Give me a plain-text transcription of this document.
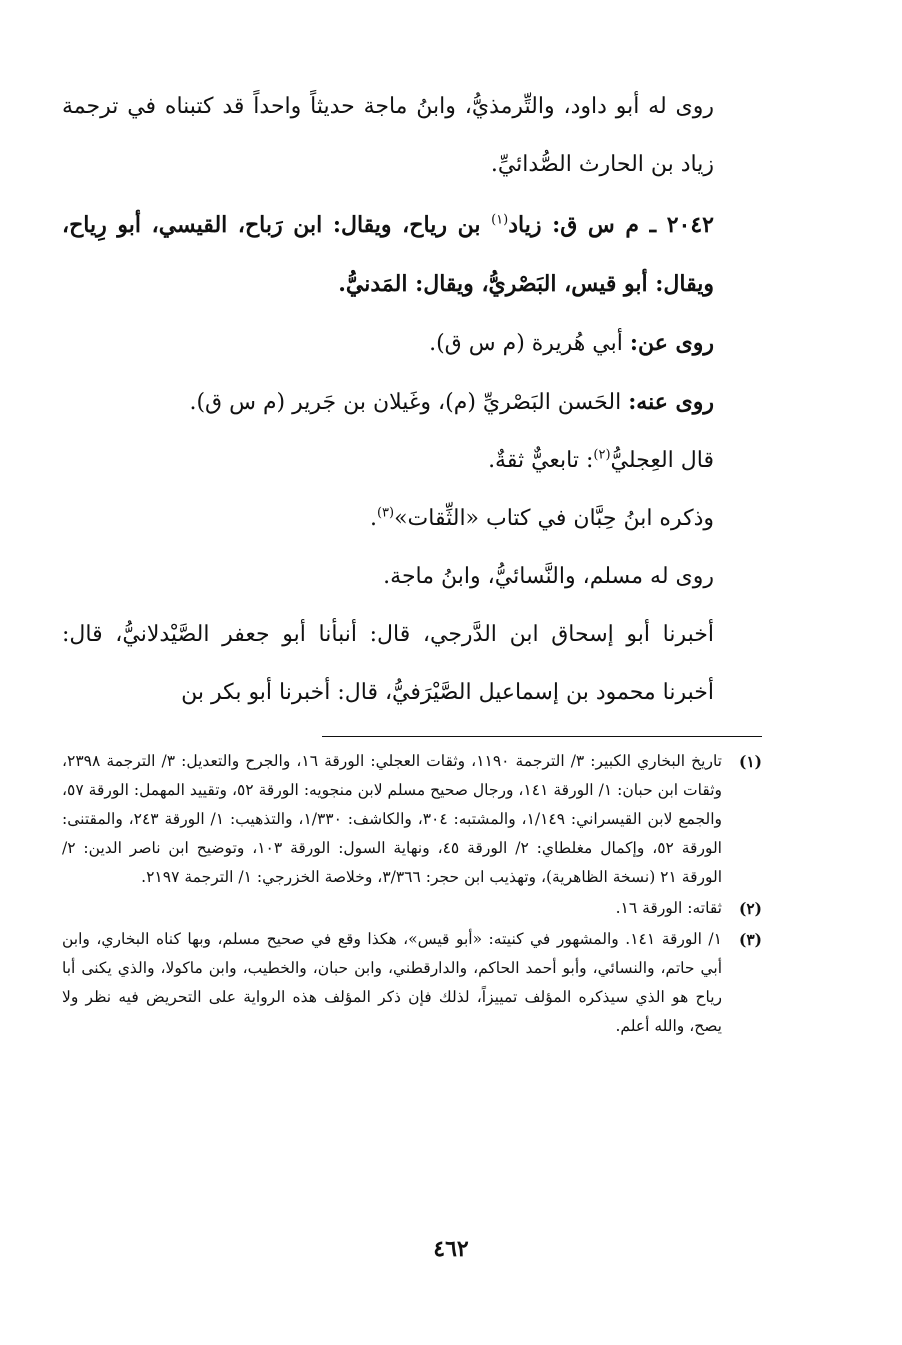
روى له أبو داود، والتِّرمذيُّ، وابنُ ماجة حديثاً واحداً قد كتبناه في ترجمة زياد بن الحارث الصُّدائيِّ.

٢٠٤٢ ـ م س ق: زياد$^{(١)}$ بن رياح، ويقال: ابن رَباح، القيسي، أبو رِياح، ويقال: أبو قيس، البَصْريُّ، ويقال: المَدنيُّ.

روى عن: أبي هُريرة (م س ق).

روى عنه: الحَسن البَصْريِّ (م)، وغَيلان بن جَرير (م س ق).

قال العِجليُّ$^{(٢)}$: تابعيٌّ ثقةٌ.

وذكره ابنُ حِبَّان في كتاب «الثِّقات»$^{(٣)}$.

روى له مسلم، والنَّسائيُّ، وابنُ ماجة.

أخبرنا أبو إسحاق ابن الدَّرجي، قال: أنبأنا أبو جعفر الصَّيْدلانيُّ، قال: أخبرنا محمود بن إسماعيل الصَّيْرَفيُّ، قال: أخبرنا أبو بكر بن

(١)
تاريخ البخاري الكبير: ٣/ الترجمة ١١٩٠، وثقات العجلي: الورقة ١٦، والجرح والتعديل: ٣/ الترجمة ٢٣٩٨، وثقات ابن حبان: ١/ الورقة ١٤١، ورجال صحيح مسلم لابن منجويه: الورقة ٥٢، وتقييد المهمل: الورقة ٥٧، والجمع لابن القيسراني: ١/١٤٩، والمشتبه: ٣٠٤، والكاشف: ١/٣٣٠، والتذهيب: ١/ الورقة ٢٤٣، والمقتنى: الورقة ٥٢، وإكمال مغلطاي: ٢/ الورقة ٤٥، ونهاية السول: الورقة ١٠٣، وتوضيح ابن ناصر الدين: ٢/ الورقة ٢١ (نسخة الظاهرية)، وتهذيب ابن حجر: ٣/٣٦٦، وخلاصة الخزرجي: ١/ الترجمة ٢١٩٧.
(٢)
ثقاته: الورقة ١٦.
(٣)
١/ الورقة ١٤١. والمشهور في كنيته: «أبو قيس»، هكذا وقع في صحيح مسلم، وبها كناه البخاري، وابن أبي حاتم، والنسائي، وأبو أحمد الحاكم، والدارقطني، وابن حبان، والخطيب، وابن ماكولا، والذي يكنى أبا رياح هو الذي سيذكره المؤلف تمييزاً، لذلك فإن ذكر المؤلف هذه الرواية على التحريض فيه نظر ولا يصح، والله أعلم.
٤٦٢
